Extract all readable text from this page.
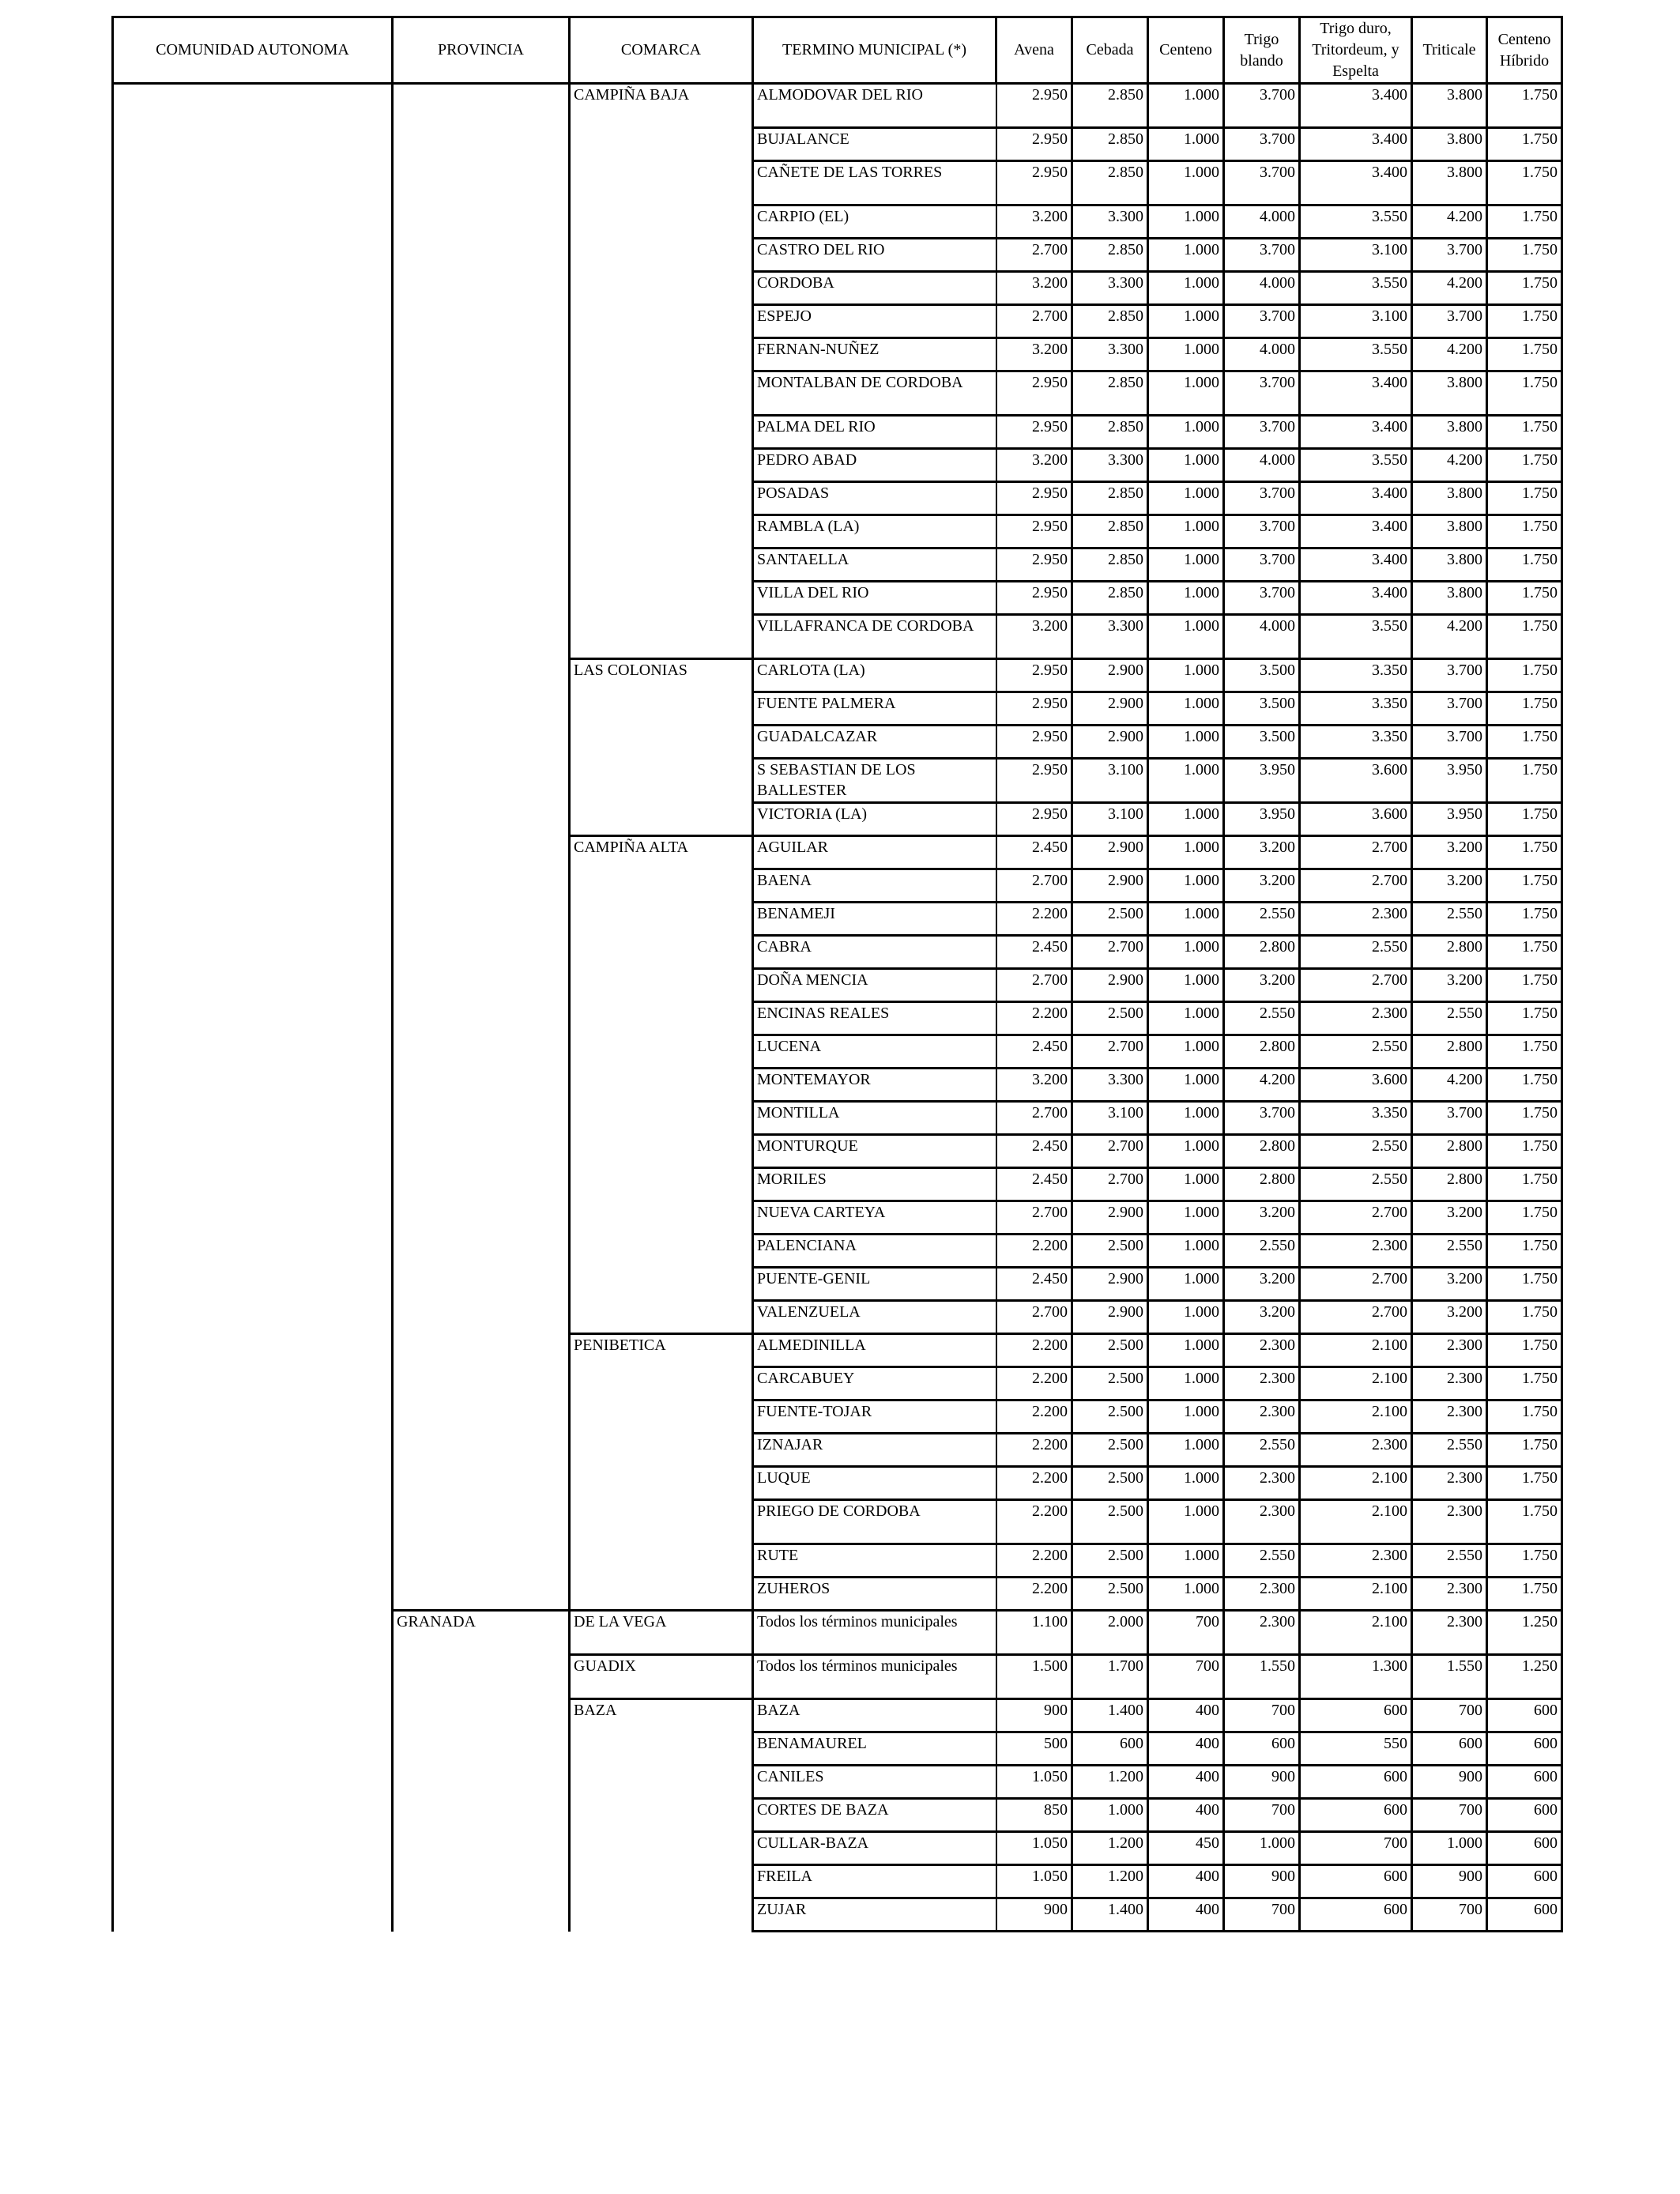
COMUNIDAD AUTONOMA	PROVINCIA	COMARCA	TERMINO MUNICIPAL (*)	Avena	Cebada	Centeno	Trigo blando	Trigo duro, Tritordeum, y Espelta	Triticale	Centeno Híbrido
		CAMPIÑA BAJA	ALMODOVAR DEL RIO	2.950	2.850	1.000	3.700	3.400	3.800	1.750
			BUJALANCE	2.950	2.850	1.000	3.700	3.400	3.800	1.750
			CAÑETE DE LAS TORRES	2.950	2.850	1.000	3.700	3.400	3.800	1.750
			CARPIO (EL)	3.200	3.300	1.000	4.000	3.550	4.200	1.750
			CASTRO DEL RIO	2.700	2.850	1.000	3.700	3.100	3.700	1.750
			CORDOBA	3.200	3.300	1.000	4.000	3.550	4.200	1.750
			ESPEJO	2.700	2.850	1.000	3.700	3.100	3.700	1.750
			FERNAN-NUÑEZ	3.200	3.300	1.000	4.000	3.550	4.200	1.750
			MONTALBAN DE CORDOBA	2.950	2.850	1.000	3.700	3.400	3.800	1.750
			PALMA DEL RIO	2.950	2.850	1.000	3.700	3.400	3.800	1.750
			PEDRO ABAD	3.200	3.300	1.000	4.000	3.550	4.200	1.750
			POSADAS	2.950	2.850	1.000	3.700	3.400	3.800	1.750
			RAMBLA (LA)	2.950	2.850	1.000	3.700	3.400	3.800	1.750
			SANTAELLA	2.950	2.850	1.000	3.700	3.400	3.800	1.750
			VILLA DEL RIO	2.950	2.850	1.000	3.700	3.400	3.800	1.750
			VILLAFRANCA DE CORDOBA	3.200	3.300	1.000	4.000	3.550	4.200	1.750
		LAS COLONIAS	CARLOTA (LA)	2.950	2.900	1.000	3.500	3.350	3.700	1.750
			FUENTE PALMERA	2.950	2.900	1.000	3.500	3.350	3.700	1.750
			GUADALCAZAR	2.950	2.900	1.000	3.500	3.350	3.700	1.750
			S SEBASTIAN DE LOS BALLESTER	2.950	3.100	1.000	3.950	3.600	3.950	1.750
			VICTORIA (LA)	2.950	3.100	1.000	3.950	3.600	3.950	1.750
		CAMPIÑA ALTA	AGUILAR	2.450	2.900	1.000	3.200	2.700	3.200	1.750
			BAENA	2.700	2.900	1.000	3.200	2.700	3.200	1.750
			BENAMEJI	2.200	2.500	1.000	2.550	2.300	2.550	1.750
			CABRA	2.450	2.700	1.000	2.800	2.550	2.800	1.750
			DOÑA MENCIA	2.700	2.900	1.000	3.200	2.700	3.200	1.750
			ENCINAS REALES	2.200	2.500	1.000	2.550	2.300	2.550	1.750
			LUCENA	2.450	2.700	1.000	2.800	2.550	2.800	1.750
			MONTEMAYOR	3.200	3.300	1.000	4.200	3.600	4.200	1.750
			MONTILLA	2.700	3.100	1.000	3.700	3.350	3.700	1.750
			MONTURQUE	2.450	2.700	1.000	2.800	2.550	2.800	1.750
			MORILES	2.450	2.700	1.000	2.800	2.550	2.800	1.750
			NUEVA CARTEYA	2.700	2.900	1.000	3.200	2.700	3.200	1.750
			PALENCIANA	2.200	2.500	1.000	2.550	2.300	2.550	1.750
			PUENTE-GENIL	2.450	2.900	1.000	3.200	2.700	3.200	1.750
			VALENZUELA	2.700	2.900	1.000	3.200	2.700	3.200	1.750
		PENIBETICA	ALMEDINILLA	2.200	2.500	1.000	2.300	2.100	2.300	1.750
			CARCABUEY	2.200	2.500	1.000	2.300	2.100	2.300	1.750
			FUENTE-TOJAR	2.200	2.500	1.000	2.300	2.100	2.300	1.750
			IZNAJAR	2.200	2.500	1.000	2.550	2.300	2.550	1.750
			LUQUE	2.200	2.500	1.000	2.300	2.100	2.300	1.750
			PRIEGO DE CORDOBA	2.200	2.500	1.000	2.300	2.100	2.300	1.750
			RUTE	2.200	2.500	1.000	2.550	2.300	2.550	1.750
			ZUHEROS	2.200	2.500	1.000	2.300	2.100	2.300	1.750
	GRANADA	DE LA VEGA	Todos los términos municipales	1.100	2.000	700	2.300	2.100	2.300	1.250
		GUADIX	Todos los términos municipales	1.500	1.700	700	1.550	1.300	1.550	1.250
		BAZA	BAZA	900	1.400	400	700	600	700	600
			BENAMAUREL	500	600	400	600	550	600	600
			CANILES	1.050	1.200	400	900	600	900	600
			CORTES DE BAZA	850	1.000	400	700	600	700	600
			CULLAR-BAZA	1.050	1.200	450	1.000	700	1.000	600
			FREILA	1.050	1.200	400	900	600	900	600
			ZUJAR	900	1.400	400	700	600	700	600
